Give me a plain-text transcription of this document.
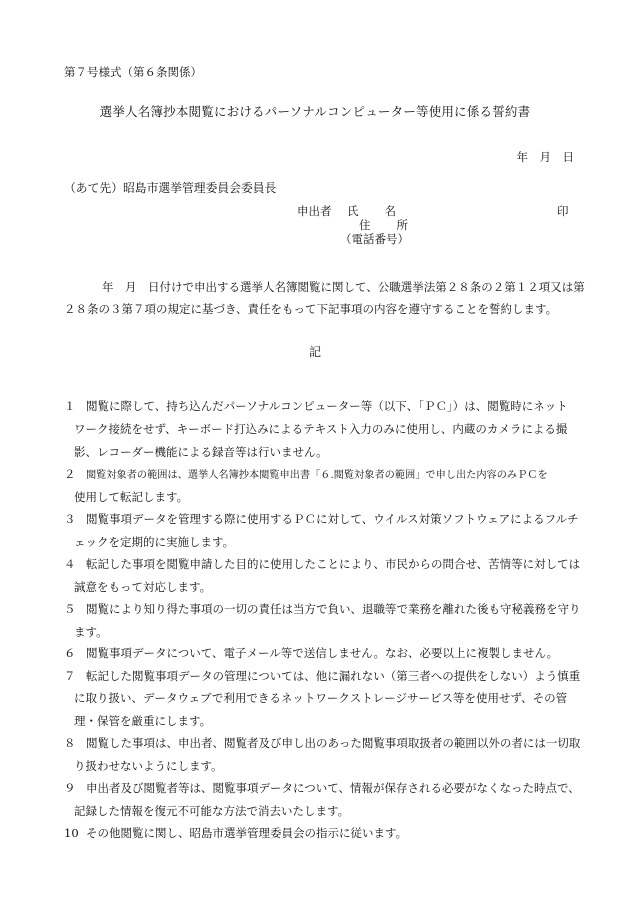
第７号様式（第６条関係）
選挙人名簿抄本閲覧におけるパーソナルコンピューター等使用に係る誓約書
年　月　日
（あて先）昭島市選挙管理委員会委員長
申出者 氏名	印
住所
（電話番号）
年　月　日付けで申出する選挙人名簿閲覧に関して、公職選挙法第２８条の２第１２項又は第
２８条の３第７項の規定に基づき、責任をもって下記事項の内容を遵守することを誓約します。
記
１ 閲覧に際して、持ち込んだパーソナルコンピューター等（以下、「ＰＣ」）は、閲覧時にネット
ワーク接続をせず、キーボード打込みによるテキスト入力のみに使用し、内蔵のカメラによる撮
影、レコーダー機能による録音等は行いません。
２ 閲覧対象者の範囲は、選挙人名簿抄本閲覧申出書「６.閲覧対象者の範囲」で申し出た内容のみＰＣを
使用して転記します。
３ 閲覧事項データを管理する際に使用するＰＣに対して、ウイルス対策ソフトウェアによるフルチ
ェックを定期的に実施します。
４ 転記した事項を閲覧申請した目的に使用したことにより、市民からの問合せ、苦情等に対しては
誠意をもって対応します。
５ 閲覧により知り得た事項の一切の責任は当方で負い、退職等で業務を離れた後も守秘義務を守り
ます。
６ 閲覧事項データについて、電子メール等で送信しません。なお、必要以上に複製しません。
７ 転記した閲覧事項データの管理については、他に漏れない（第三者への提供をしない）よう慎重
に取り扱い、データウェブで利用できるネットワークストレージサービス等を使用せず、その管
理・保管を厳重にします。
８ 閲覧した事項は、申出者、閲覧者及び申し出のあった閲覧事項取扱者の範囲以外の者には一切取
り扱わせないようにします。
９ 申出者及び閲覧者等は、閲覧事項データについて、情報が保存される必要がなくなった時点で、
記録した情報を復元不可能な方法で消去いたします。
10 その他閲覧に関し、昭島市選挙管理委員会の指示に従います。
